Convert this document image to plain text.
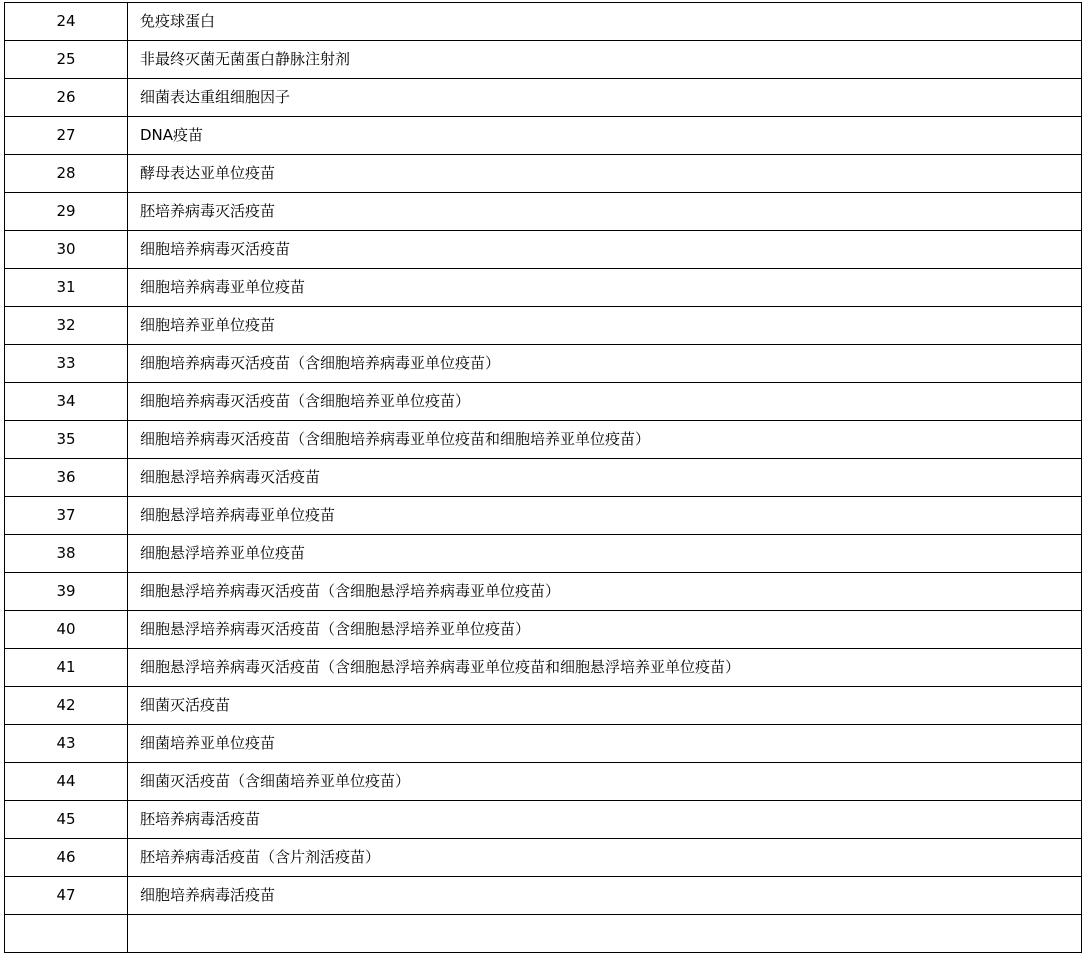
24	免疫球蛋白
25	非最终灭菌无菌蛋白静脉注射剂
26	细菌表达重组细胞因子
27	DNA疫苗
28	酵母表达亚单位疫苗
29	胚培养病毒灭活疫苗
30	细胞培养病毒灭活疫苗
31	细胞培养病毒亚单位疫苗
32	细胞培养亚单位疫苗
33	细胞培养病毒灭活疫苗（含细胞培养病毒亚单位疫苗）
34	细胞培养病毒灭活疫苗（含细胞培养亚单位疫苗）
35	细胞培养病毒灭活疫苗（含细胞培养病毒亚单位疫苗和细胞培养亚单位疫苗）
36	细胞悬浮培养病毒灭活疫苗
37	细胞悬浮培养病毒亚单位疫苗
38	细胞悬浮培养亚单位疫苗
39	细胞悬浮培养病毒灭活疫苗（含细胞悬浮培养病毒亚单位疫苗）
40	细胞悬浮培养病毒灭活疫苗（含细胞悬浮培养亚单位疫苗）
41	细胞悬浮培养病毒灭活疫苗（含细胞悬浮培养病毒亚单位疫苗和细胞悬浮培养亚单位疫苗）
42	细菌灭活疫苗
43	细菌培养亚单位疫苗
44	细菌灭活疫苗（含细菌培养亚单位疫苗）
45	胚培养病毒活疫苗
46	胚培养病毒活疫苗（含片剂活疫苗）
47	细胞培养病毒活疫苗
